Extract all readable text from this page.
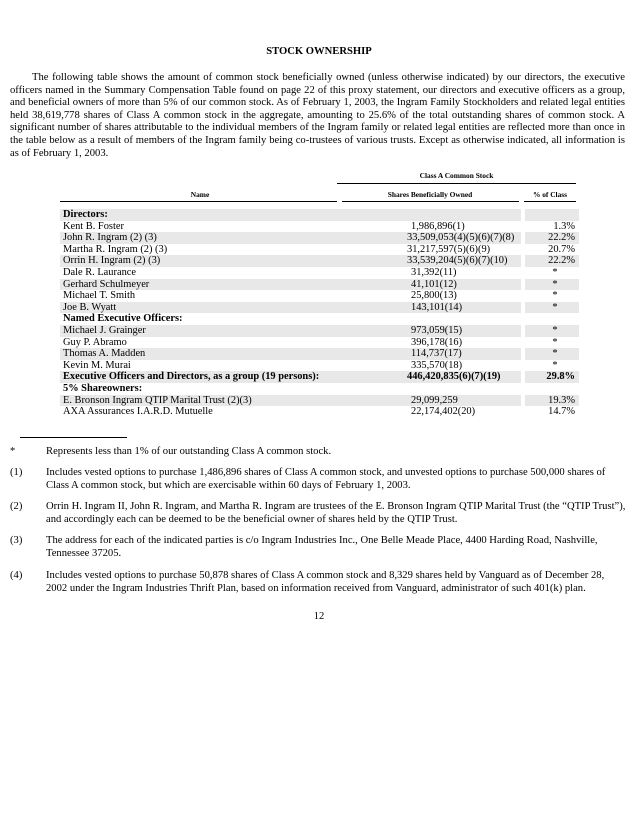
STOCK OWNERSHIP

The following table shows the amount of common stock beneficially owned (unless otherwise indicated) by our directors, the executive officers named in the Summary Compensation Table found on page 22 of this proxy statement, our directors and executive officers as a group, and beneficial owners of more than 5% of our common stock. As of February 1, 2003, the Ingram Family Stockholders and related legal entities held 38,619,778 shares of Class A common stock in the aggregate, amounting to 25.6% of the total outstanding shares of common stock. A significant number of shares attributable to the individual members of the Ingram family or related legal entities are reflected more than once in the table below as a result of members of the Ingram family being co-trustees of various trusts. Except as otherwise indicated, all information is as of February 1, 2003.

Class A Common Stock
Name	Shares Beneficially Owned	% of Class
Directors:			
Kent B. Foster	1,986,896(1)		1.3%
John R. Ingram (2) (3)	33,509,053(4)(5)(6)(7)(8)		22.2%
Martha R. Ingram (2) (3)	31,217,597(5)(6)(9)		20.7%
Orrin H. Ingram (2) (3)	33,539,204(5)(6)(7)(10)		22.2%
Dale R. Laurance	31,392(11)		*
Gerhard Schulmeyer	41,101(12)		*
Michael T. Smith	25,800(13)		*
Joe B. Wyatt	143,101(14)		*
Named Executive Officers:			
Michael J. Grainger	973,059(15)		*
Guy P. Abramo	396,178(16)		*
Thomas A. Madden	114,737(17)		*
Kevin M. Murai	335,570(18)		*
Executive Officers and Directors, as a group (19 persons):	446,420,835(6)(7)(19)		29.8%
5% Shareowners:			
E. Bronson Ingram QTIP Marital Trust (2)(3)	29,099,259		19.3%
AXA Assurances I.A.R.D. Mutuelle	22,174,402(20)		14.7%
*	Represents less than 1% of our outstanding Class A common stock.
(1)	Includes vested options to purchase 1,486,896 shares of Class A common stock, and unvested options to purchase 500,000 shares of Class A common stock, but which are exercisable within 60 days of February 1, 2003.
(2)	Orrin H. Ingram II, John R. Ingram, and Martha R. Ingram are trustees of the E. Bronson Ingram QTIP Marital Trust (the “QTIP Trust”), and accordingly each can be deemed to be the beneficial owner of shares held by the QTIP Trust.
(3)	The address for each of the indicated parties is c/o Ingram Industries Inc., One Belle Meade Place, 4400 Harding Road, Nashville, Tennessee 37205.
(4)	Includes vested options to purchase 50,878 shares of Class A common stock and 8,329 shares held by Vanguard as of December 28, 2002 under the Ingram Industries Thrift Plan, based on information received from Vanguard, administrator of such 401(k) plan.
12
